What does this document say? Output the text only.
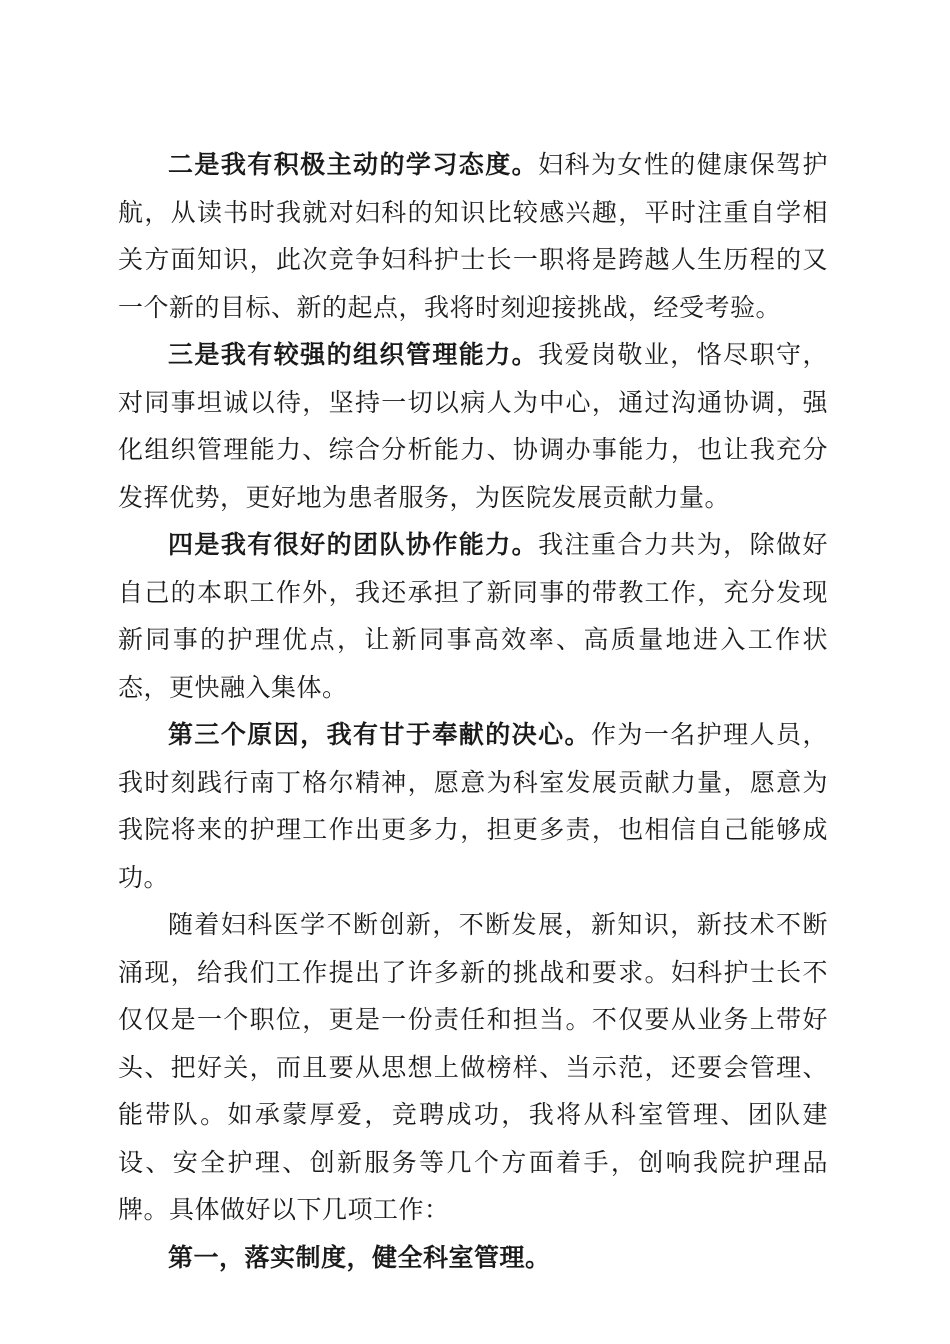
二是我有积极主动的学习态度。妇科为女性的健康保驾护航，从读书时我就对妇科的知识比较感兴趣，平时注重自学相关方面知识，此次竞争妇科护士长一职将是跨越人生历程的又一个新的目标、新的起点，我将时刻迎接挑战，经受考验。

三是我有较强的组织管理能力。我爱岗敬业，恪尽职守，对同事坦诚以待，坚持一切以病人为中心，通过沟通协调，强化组织管理能力、综合分析能力、协调办事能力，也让我充分发挥优势，更好地为患者服务，为医院发展贡献力量。

四是我有很好的团队协作能力。我注重合力共为，除做好自己的本职工作外，我还承担了新同事的带教工作，充分发现新同事的护理优点，让新同事高效率、高质量地进入工作状态，更快融入集体。

第三个原因，我有甘于奉献的决心。作为一名护理人员，我时刻践行南丁格尔精神，愿意为科室发展贡献力量，愿意为我院将来的护理工作出更多力，担更多责，也相信自己能够成功。

随着妇科医学不断创新，不断发展，新知识，新技术不断涌现，给我们工作提出了许多新的挑战和要求。妇科护士长不仅仅是一个职位，更是一份责任和担当。不仅要从业务上带好头、把好关，而且要从思想上做榜样、当示范，还要会管理、能带队。如承蒙厚爱，竞聘成功，我将从科室管理、团队建设、安全护理、创新服务等几个方面着手，创响我院护理品牌。具体做好以下几项工作：

第一，落实制度，健全科室管理。
